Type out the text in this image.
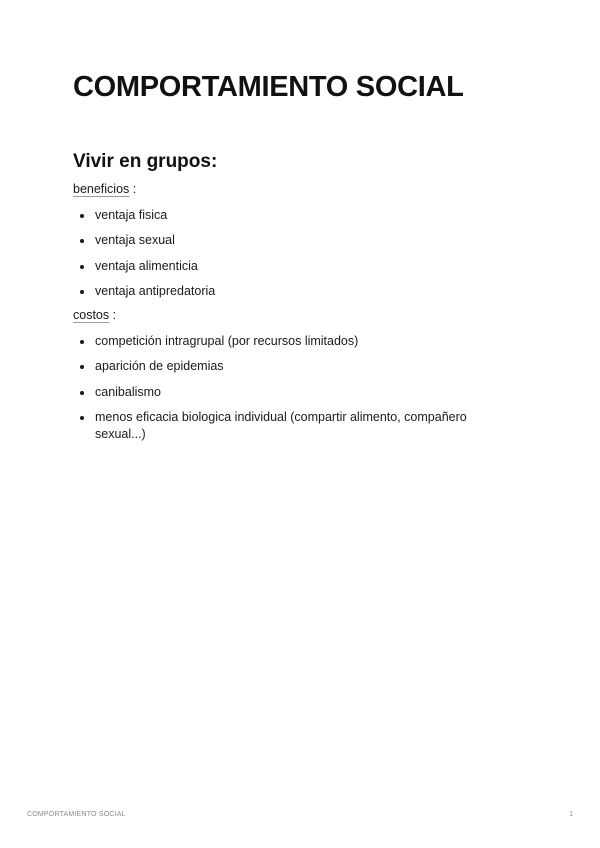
COMPORTAMIENTO SOCIAL
Vivir en grupos:

beneficios :

ventaja fisica
ventaja sexual
ventaja alimenticia
ventaja antipredatoria

costos :

competición intragrupal (por recursos limitados)
aparición de epidemias
canibalismo
menos eficacia biologica individual (compartir alimento, compañero sexual...)
COMPORTAMIENTO SOCIAL	1
